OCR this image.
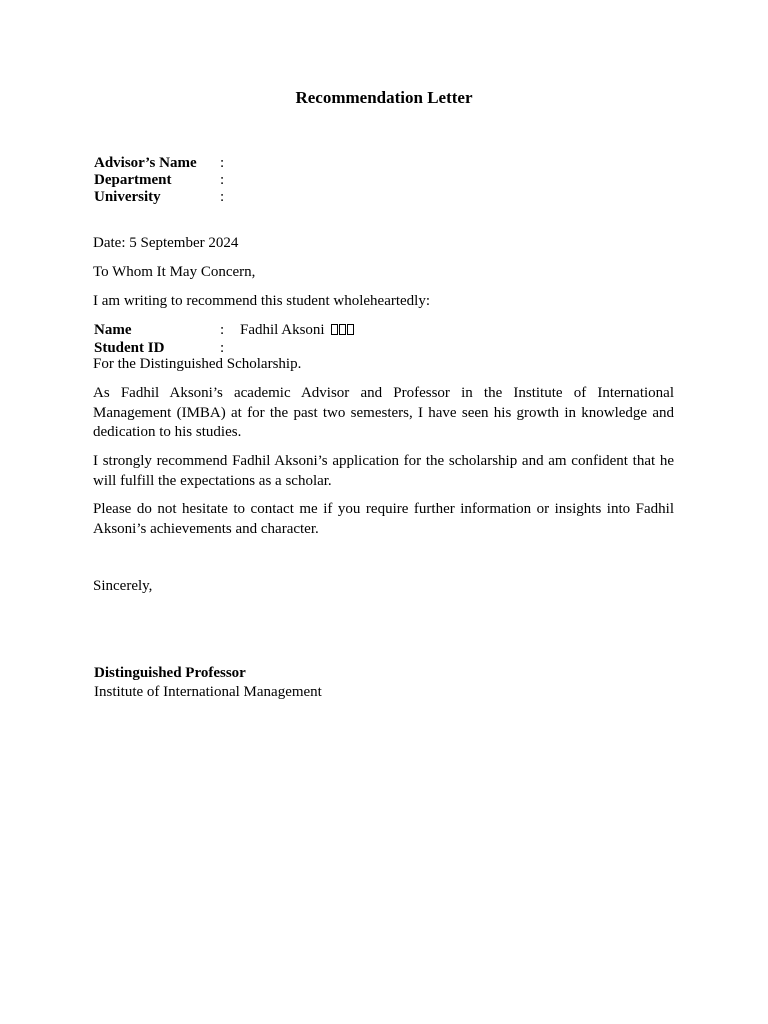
Recommendation Letter
Advisor’s Name	:	
Department	:	
University	:	

Date: 5 September 2024

To Whom It May Concern,

I am writing to recommend this student wholeheartedly:

Name	:	Fadhil Aksoni
Student ID	:	

For the Distinguished Scholarship.

As Fadhil Aksoni’s academic Advisor and Professor in the Institute of International Management (IMBA) at for the past two semesters, I have seen his growth in knowledge and dedication to his studies.

I strongly recommend Fadhil Aksoni’s application for the scholarship and am confident that he will fulfill the expectations as a scholar.

Please do not hesitate to contact me if you require further information or insights into Fadhil Aksoni’s achievements and character.

Sincerely,

Distinguished Professor
Institute of International Management
